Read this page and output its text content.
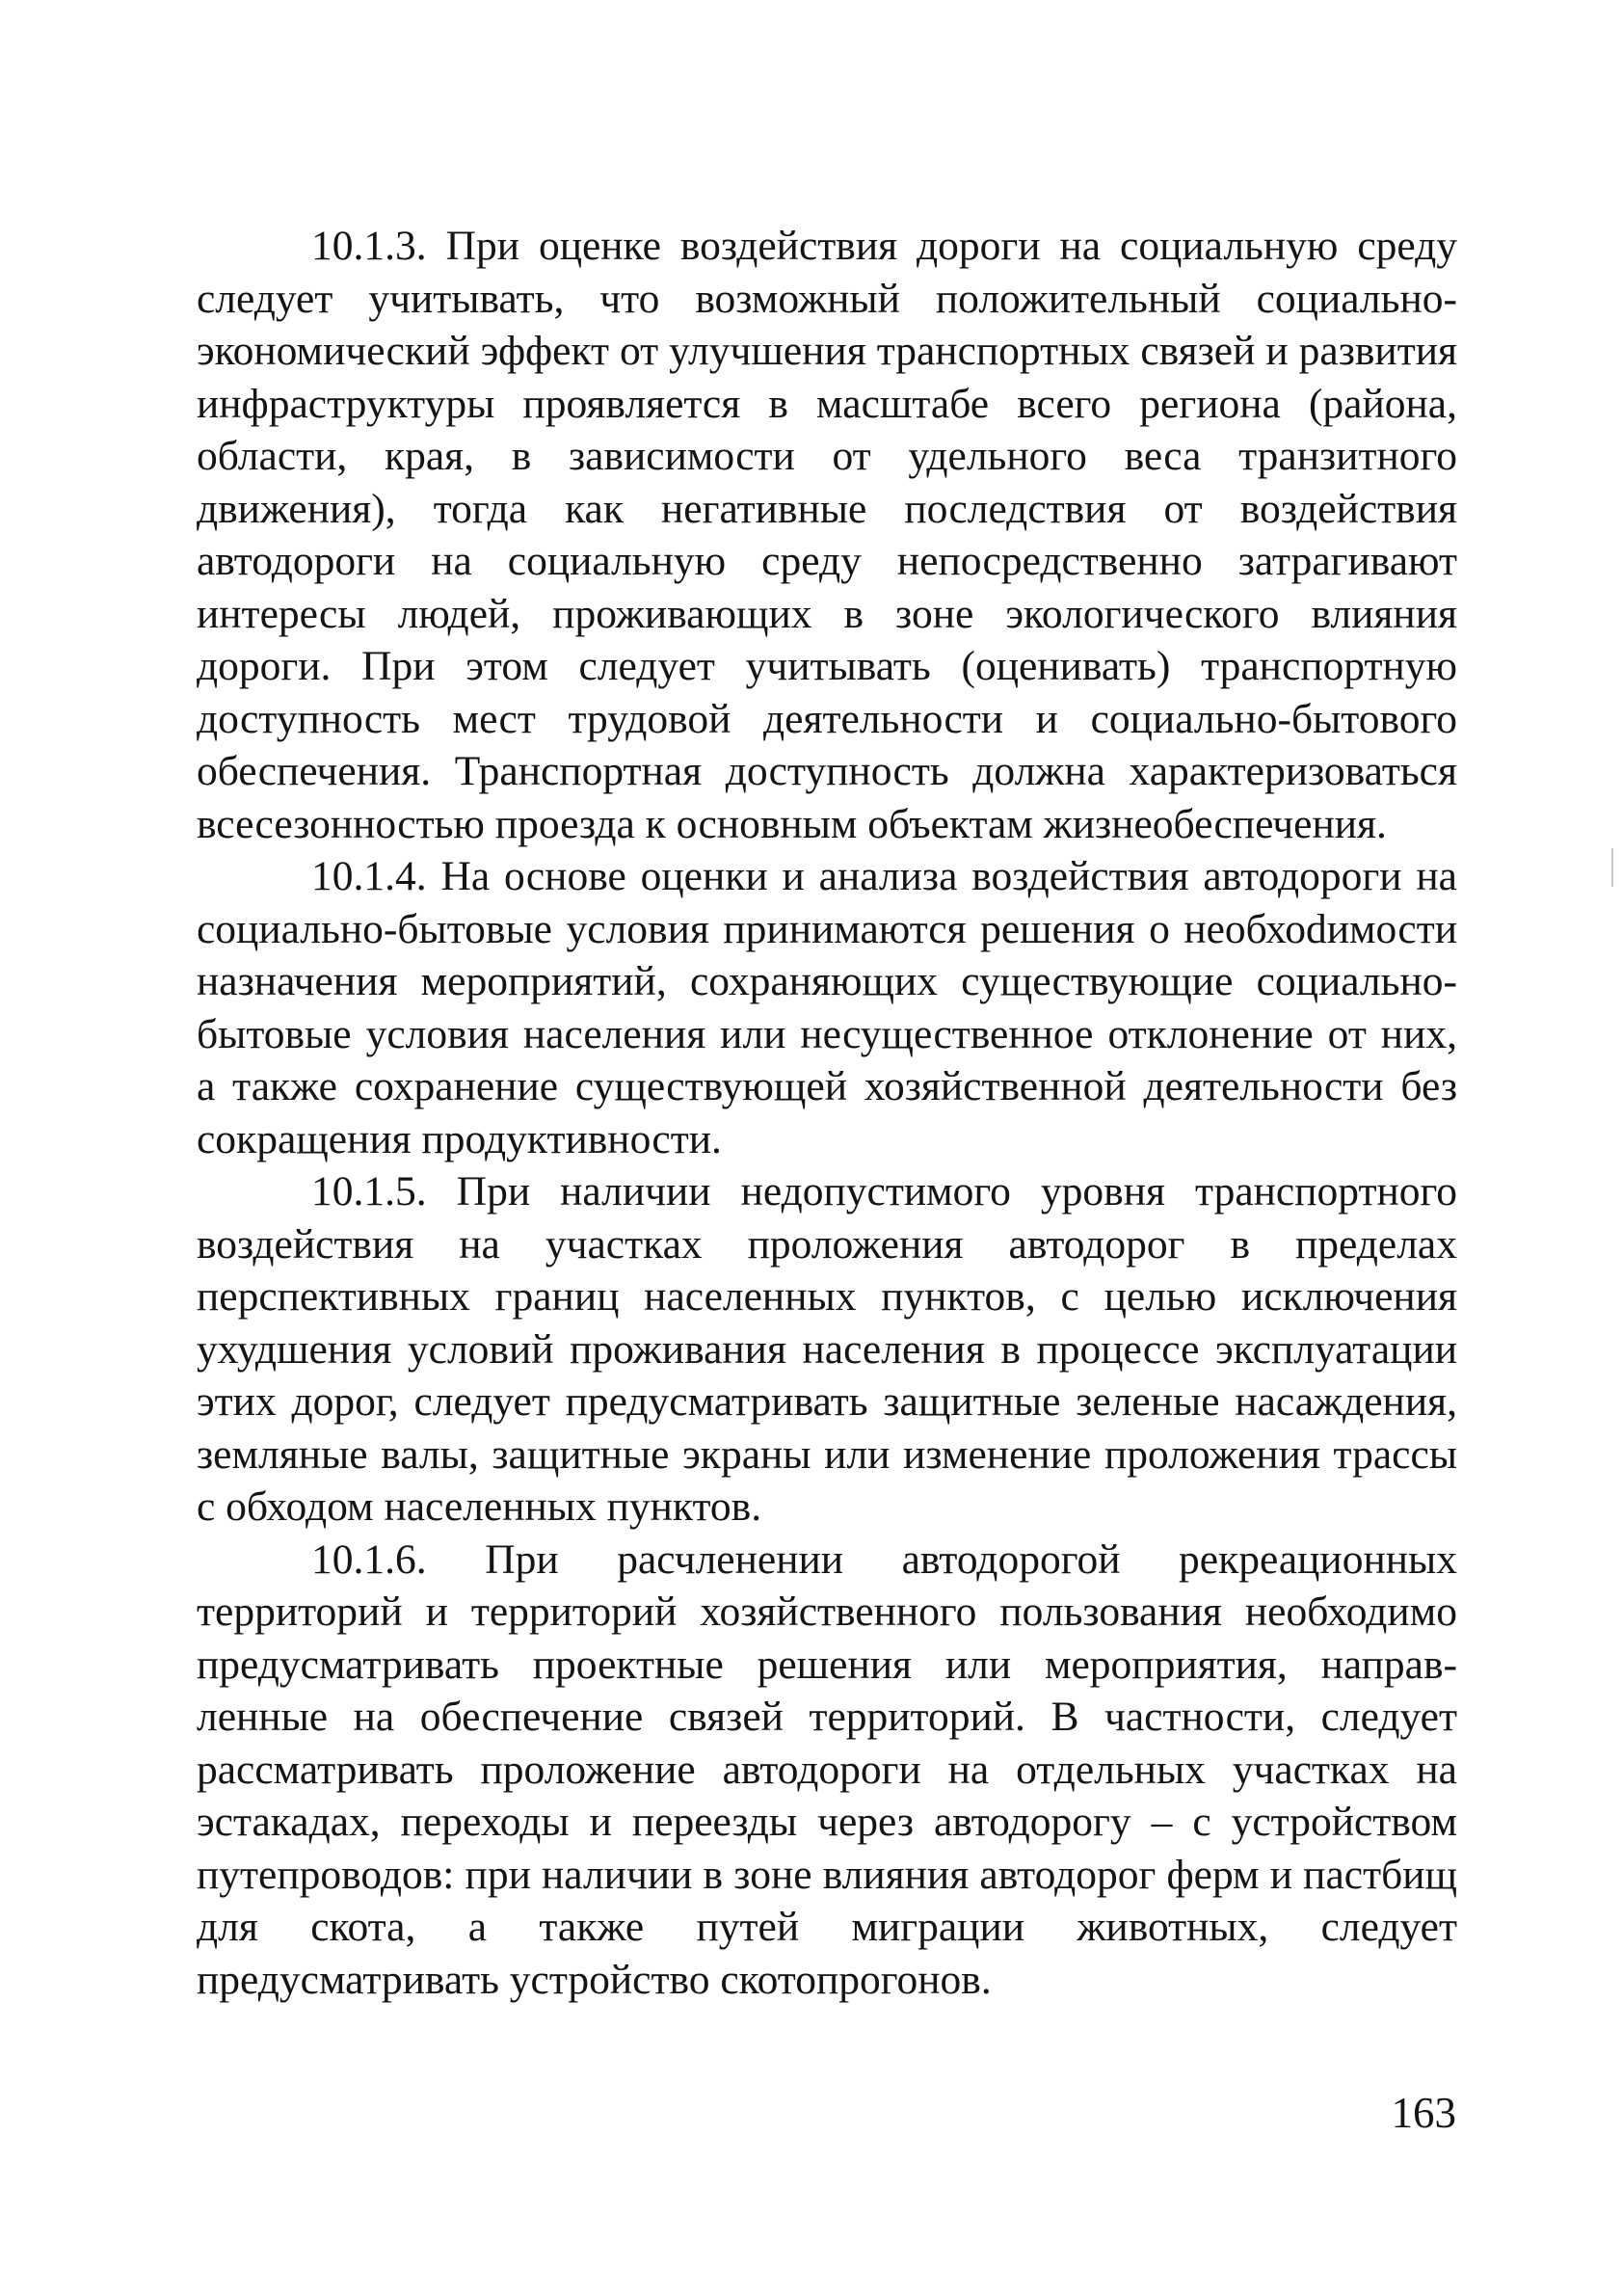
10.1.3. При оценке воздействия дороги на социальную среду следует учитывать, что возможный положительный социально-экономический эффект от улучшения транспортных связей и развития инфраструктуры проявляется в масштабе всего региона (района, области, края, в зависимости от удельного веса транзитного движения), тогда как негативные последствия от воздействия автодороги на социальную среду непосредственно затрагивают интересы людей, проживающих в зоне экологического влияния дороги. При этом следует учитывать (оценивать) транспортную доступность мест трудовой деятельности и социально-бытового обеспечения. Транспортная доступность должна характеризоваться всесезонностью проезда к основным объектам жизнеобеспечения.

10.1.4. На основе оценки и анализа воздействия автодороги на социально-бытовые условия принимаются решения о необхоdимости назначения мероприятий, сохраняющих существующие социально-бытовые условия населения или несущественное отклонение от них, а также сохранение существующей хозяйственной деятельности без сокращения продуктивности.

10.1.5. При наличии недопустимого уровня транспортного воздействия на участках проложения автодорог в пределах перспективных границ населенных пунктов, с целью исключения ухудшения условий проживания населения в процессе эксплуатации этих дорог, следует предусматривать защитные зеленые насаждения, земляные валы, защитные экраны или изменение проложения трассы с обходом населенных пунктов.

10.1.6. При расчленении автодорогой рекреационных территорий и территорий хозяйственного пользования необходимо предусматривать проектные решения или мероприятия, направленные на обеспечение связей территорий. В частности, следует рассматривать проложение автодороги на отдельных участках на эстакадах, переходы и переезды через автодорогу – с устройством путепроводов: при наличии в зоне влияния автодорог ферм и пастбищ для скота, а также путей миграции животных, следует предусматривать устройство скотопрогонов.

163
